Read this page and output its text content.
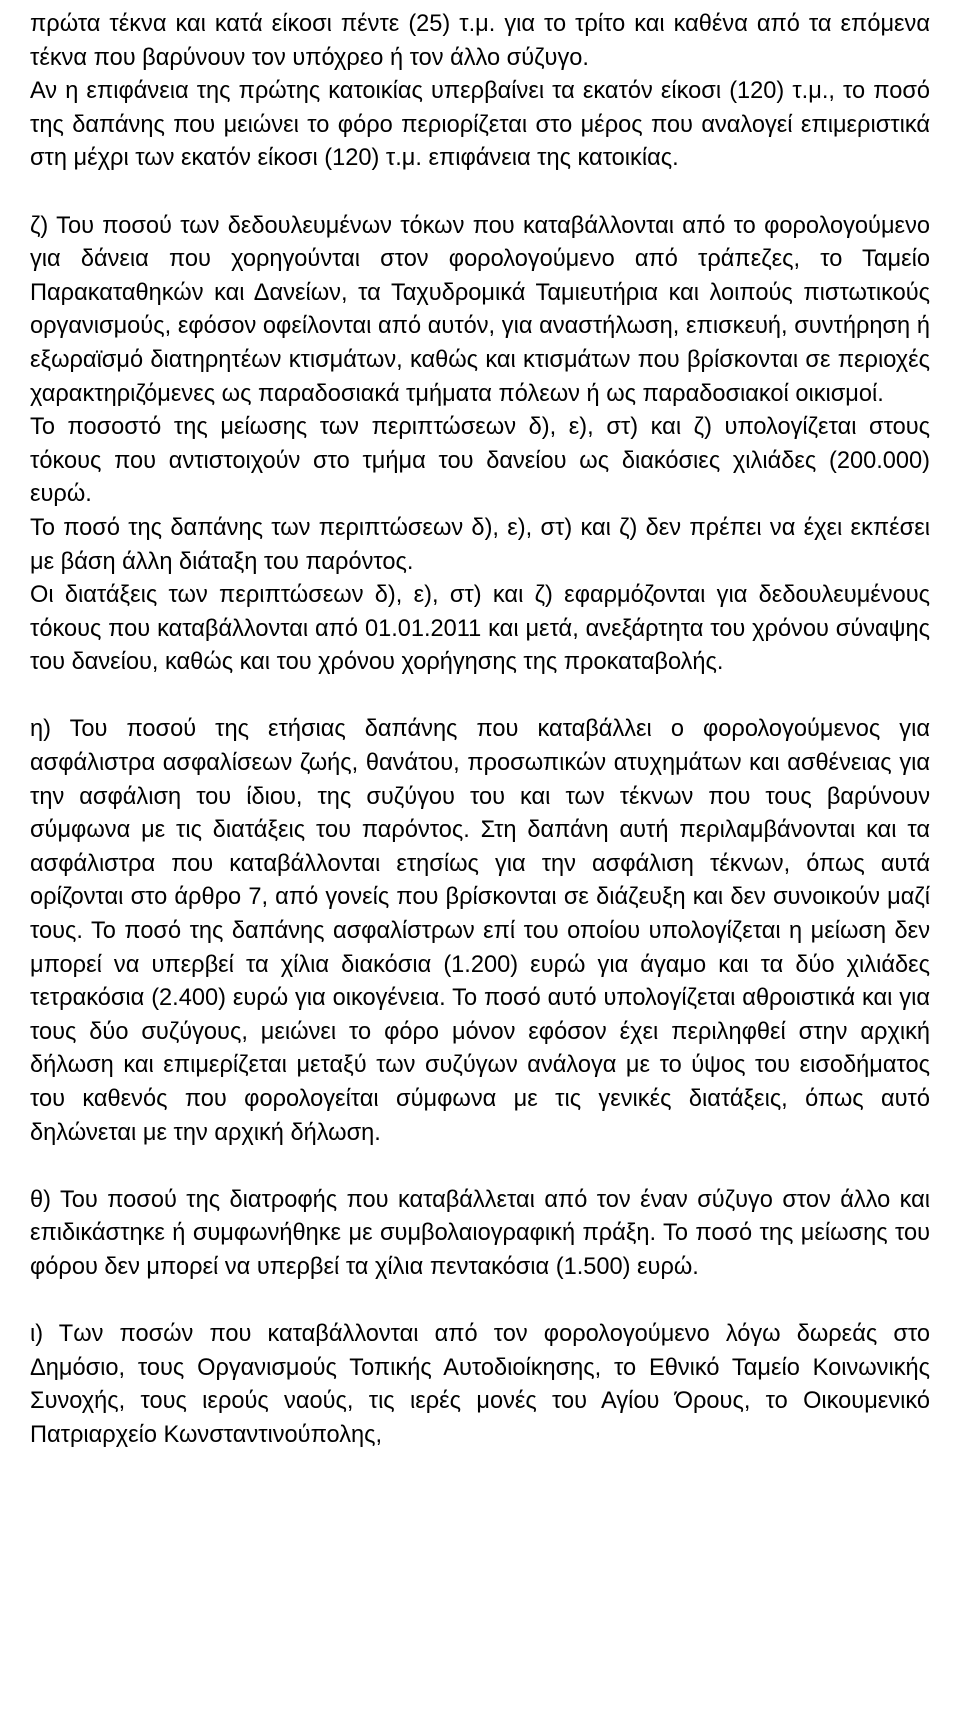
πρώτα τέκνα και κατά είκοσι πέντε (25) τ.μ. για το τρίτο και καθένα από τα επόμενα τέκνα που βαρύνουν τον υπόχρεο ή τον άλλο σύζυγο.

Αν η επιφάνεια της πρώτης κατοικίας υπερβαίνει τα εκατόν είκοσι (120) τ.μ., το ποσό της δαπάνης που μειώνει το φόρο περιορίζεται στο μέρος που αναλογεί επιμεριστικά στη μέχρι των εκατόν είκοσι (120) τ.μ. επιφάνεια της κατοικίας.

ζ) Του ποσού των δεδουλευμένων τόκων που καταβάλλονται από το φορολογούμενο για δάνεια που χορηγούνται στον φορολογούμενο από τράπεζες, το Ταμείο Παρακαταθηκών και Δανείων, τα Ταχυδρομικά Ταμιευτήρια και λοιπούς πιστωτικούς οργανισμούς, εφόσον οφείλονται από αυτόν, για αναστήλωση, επισκευή, συντήρηση ή εξωραϊσμό διατηρητέων κτισμάτων, καθώς και κτισμάτων που βρίσκονται σε περιοχές χαρακτηριζόμενες ως παραδοσιακά τμήματα πόλεων ή ως παραδοσιακοί οικισμοί.

Το ποσοστό της μείωσης των περιπτώσεων δ), ε), στ) και ζ) υπολογίζεται στους τόκους που αντιστοιχούν στο τμήμα του δανείου ως διακόσιες χιλιάδες (200.000) ευρώ.

Το ποσό της δαπάνης των περιπτώσεων δ), ε), στ) και ζ) δεν πρέπει να έχει εκπέσει με βάση άλλη διάταξη του παρόντος.

Οι διατάξεις των περιπτώσεων δ), ε), στ) και ζ) εφαρμόζονται για δεδουλευμένους τόκους που καταβάλλονται από 01.01.2011 και μετά, ανεξάρτητα του χρόνου σύναψης του δανείου, καθώς και του χρόνου χορήγησης της προκαταβολής.

η) Του ποσού της ετήσιας δαπάνης που καταβάλλει ο φορολογούμενος για ασφάλιστρα ασφαλίσεων ζωής, θανάτου, προσωπικών ατυχημάτων και ασθένειας για την ασφάλιση του ίδιου, της συζύγου του και των τέκνων που τους βαρύνουν σύμφωνα με τις διατάξεις του παρόντος. Στη δαπάνη αυτή περιλαμβάνονται και τα ασφάλιστρα που καταβάλλονται ετησίως για την ασφάλιση τέκνων, όπως αυτά ορίζονται στο άρθρο 7, από γονείς που βρίσκονται σε διάζευξη και δεν συνοικούν μαζί τους. Το ποσό της δαπάνης ασφαλίστρων επί του οποίου υπολογίζεται η μείωση δεν μπορεί να υπερβεί τα χίλια διακόσια (1.200) ευρώ για άγαμο και τα δύο χιλιάδες τετρακόσια (2.400) ευρώ για οικογένεια. Το ποσό αυτό υπολογίζεται αθροιστικά και για τους δύο συζύγους, μειώνει το φόρο μόνον εφόσον έχει περιληφθεί στην αρχική δήλωση και επιμερίζεται μεταξύ των συζύγων ανάλογα με το ύψος του εισοδήματος του καθενός που φορολογείται σύμφωνα με τις γενικές διατάξεις, όπως αυτό δηλώνεται με την αρχική δήλωση.

θ) Του ποσού της διατροφής που καταβάλλεται από τον έναν σύζυγο στον άλλο και επιδικάστηκε ή συμφωνήθηκε με συμβολαιογραφική πράξη. Το ποσό της μείωσης του φόρου δεν μπορεί να υπερβεί τα χίλια πεντακόσια (1.500) ευρώ.

ι) Των ποσών που καταβάλλονται από τον φορολογούμενο λόγω δωρεάς στο Δημόσιο, τους Οργανισμούς Τοπικής Αυτοδιοίκησης, το Εθνικό Ταμείο Κοινωνικής Συνοχής, τους ιερούς ναούς, τις ιερές μονές του Αγίου Όρους, το Οικουμενικό Πατριαρχείο Κωνσταντινούπολης,
